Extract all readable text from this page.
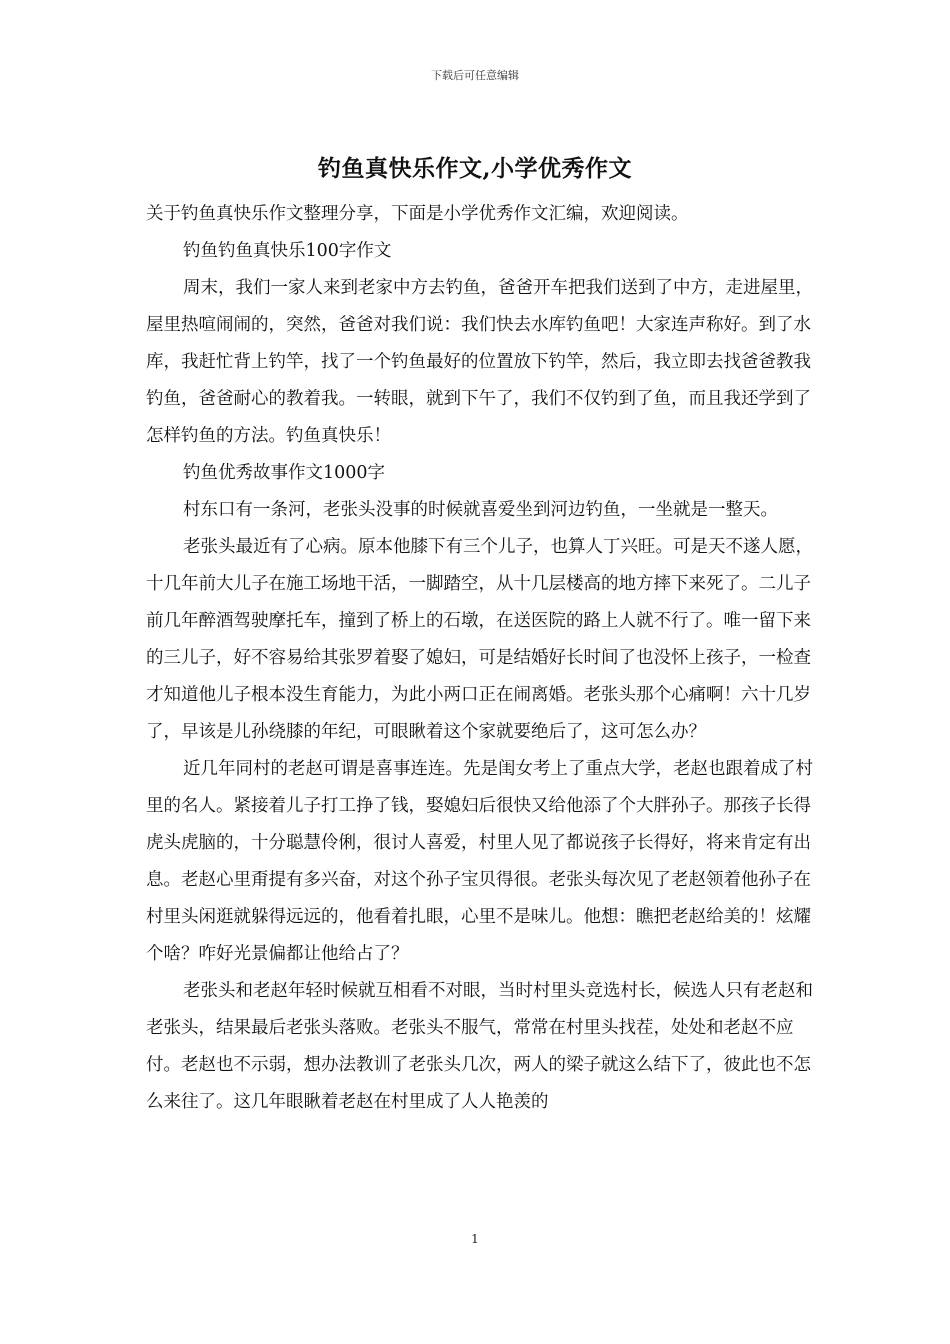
下载后可任意编辑
钓鱼真快乐作文,小学优秀作文

关于钓鱼真快乐作文整理分享，下面是小学优秀作文汇编，欢迎阅读。

钓鱼钓鱼真快乐100字作文

周末，我们一家人来到老家中方去钓鱼，爸爸开车把我们送到了中方，走进屋里，屋里热喧闹闹的，突然，爸爸对我们说：我们快去水库钓鱼吧！大家连声称好。到了水库，我赶忙背上钓竿，找了一个钓鱼最好的位置放下钓竿，然后，我立即去找爸爸教我钓鱼，爸爸耐心的教着我。一转眼，就到下午了，我们不仅钓到了鱼，而且我还学到了怎样钓鱼的方法。钓鱼真快乐！

钓鱼优秀故事作文1000字

村东口有一条河，老张头没事的时候就喜爱坐到河边钓鱼，一坐就是一整天。

老张头最近有了心病。原本他膝下有三个儿子，也算人丁兴旺。可是天不遂人愿，十几年前大儿子在施工场地干活，一脚踏空，从十几层楼高的地方摔下来死了。二儿子前几年醉酒驾驶摩托车，撞到了桥上的石墩，在送医院的路上人就不行了。唯一留下来的三儿子，好不容易给其张罗着娶了媳妇，可是结婚好长时间了也没怀上孩子，一检查才知道他儿子根本没生育能力，为此小两口正在闹离婚。老张头那个心痛啊！六十几岁了，早该是儿孙绕膝的年纪，可眼瞅着这个家就要绝后了，这可怎么办？

近几年同村的老赵可谓是喜事连连。先是闺女考上了重点大学，老赵也跟着成了村里的名人。紧接着儿子打工挣了钱，娶媳妇后很快又给他添了个大胖孙子。那孩子长得虎头虎脑的，十分聪慧伶俐，很讨人喜爱，村里人见了都说孩子长得好，将来肯定有出息。老赵心里甭提有多兴奋，对这个孙子宝贝得很。老张头每次见了老赵领着他孙子在村里头闲逛就躲得远远的，他看着扎眼，心里不是味儿。他想：瞧把老赵给美的！炫耀个啥？咋好光景偏都让他给占了？

老张头和老赵年轻时候就互相看不对眼，当时村里头竞选村长，候选人只有老赵和老张头，结果最后老张头落败。老张头不服气，常常在村里头找茬，处处和老赵不应付。老赵也不示弱，想办法教训了老张头几次，两人的梁子就这么结下了，彼此也不怎么来往了。这几年眼瞅着老赵在村里成了人人艳羡的

1
